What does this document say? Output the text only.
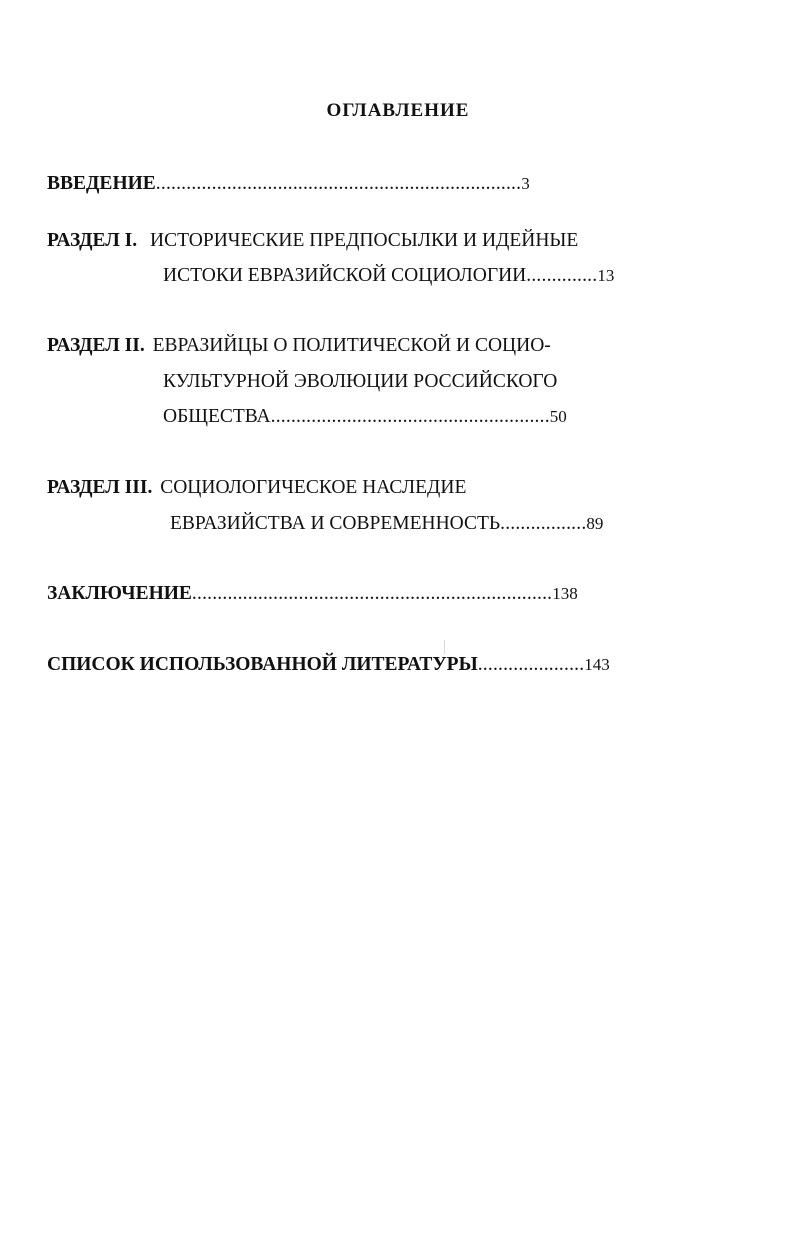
ОГЛАВЛЕНИЕ
ВВЕДЕНИЕ........................................................................3
РАЗДЕЛ I. ИСТОРИЧЕСКИЕ ПРЕДПОСЫЛКИ И ИДЕЙНЫЕ
ИСТОКИ ЕВРАЗИЙСКОЙ СОЦИОЛОГИИ..............13
РАЗДЕЛ II. ЕВРАЗИЙЦЫ О ПОЛИТИЧЕСКОЙ И СОЦИО-
КУЛЬТУРНОЙ ЭВОЛЮЦИИ РОССИЙСКОГО
ОБЩЕСТВА.......................................................50
РАЗДЕЛ III. СОЦИОЛОГИЧЕСКОЕ НАСЛЕДИЕ
ЕВРАЗИЙСТВА И СОВРЕМЕННОСТЬ.................89
ЗАКЛЮЧЕНИЕ.......................................................................138
СПИСОК ИСПОЛЬЗОВАННОЙ ЛИТЕРАТУРЫ.....................143
